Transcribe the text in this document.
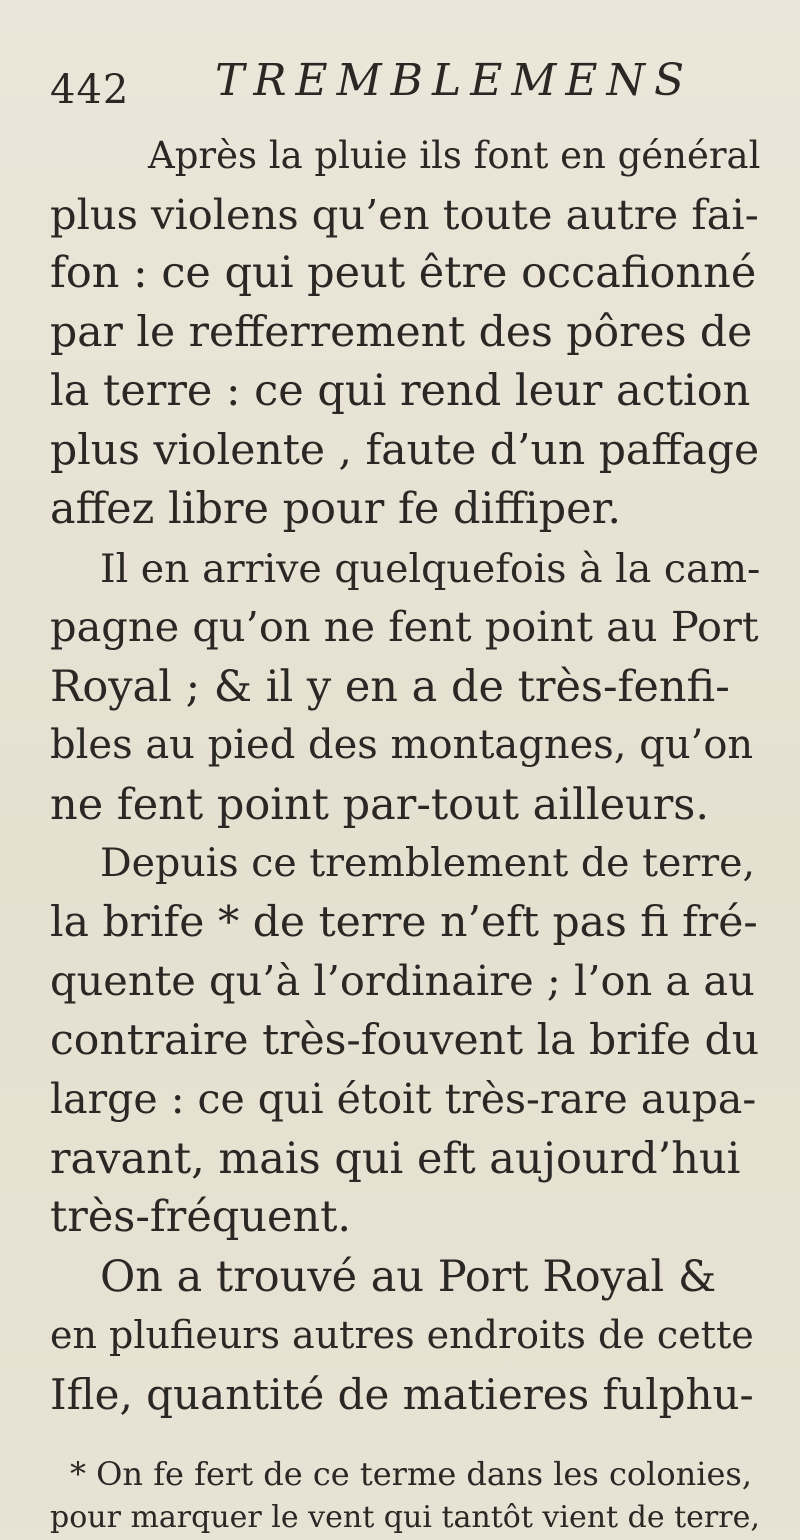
442 TREMBLEMENS
Après la pluie ils font en général
plus violens qu’en toute autre fai-
fon : ce qui peut être occafionné
par le refferrement des pôres de
la terre : ce qui rend leur action
plus violente , faute d’un paffage
affez libre pour fe diffiper.
Il en arrive quelquefois à la cam-
pagne qu’on ne fent point au Port
Royal ; & il y en a de très-fenfi-
bles au pied des montagnes, qu’on
ne fent point par-tout ailleurs.
Depuis ce tremblement de terre,
la brife * de terre n’eft pas fi fré-
quente qu’à l’ordinaire ; l’on a au
contraire très-fouvent la brife du
large : ce qui étoit très-rare aupa-
ravant, mais qui eft aujourd’hui
très-fréquent.
On a trouvé au Port Royal &
en plufieurs autres endroits de cette
Ifle, quantité de matieres fulphu-
* On fe fert de ce terme dans les colonies,
pour marquer le vent qui tantôt vient de terre,
